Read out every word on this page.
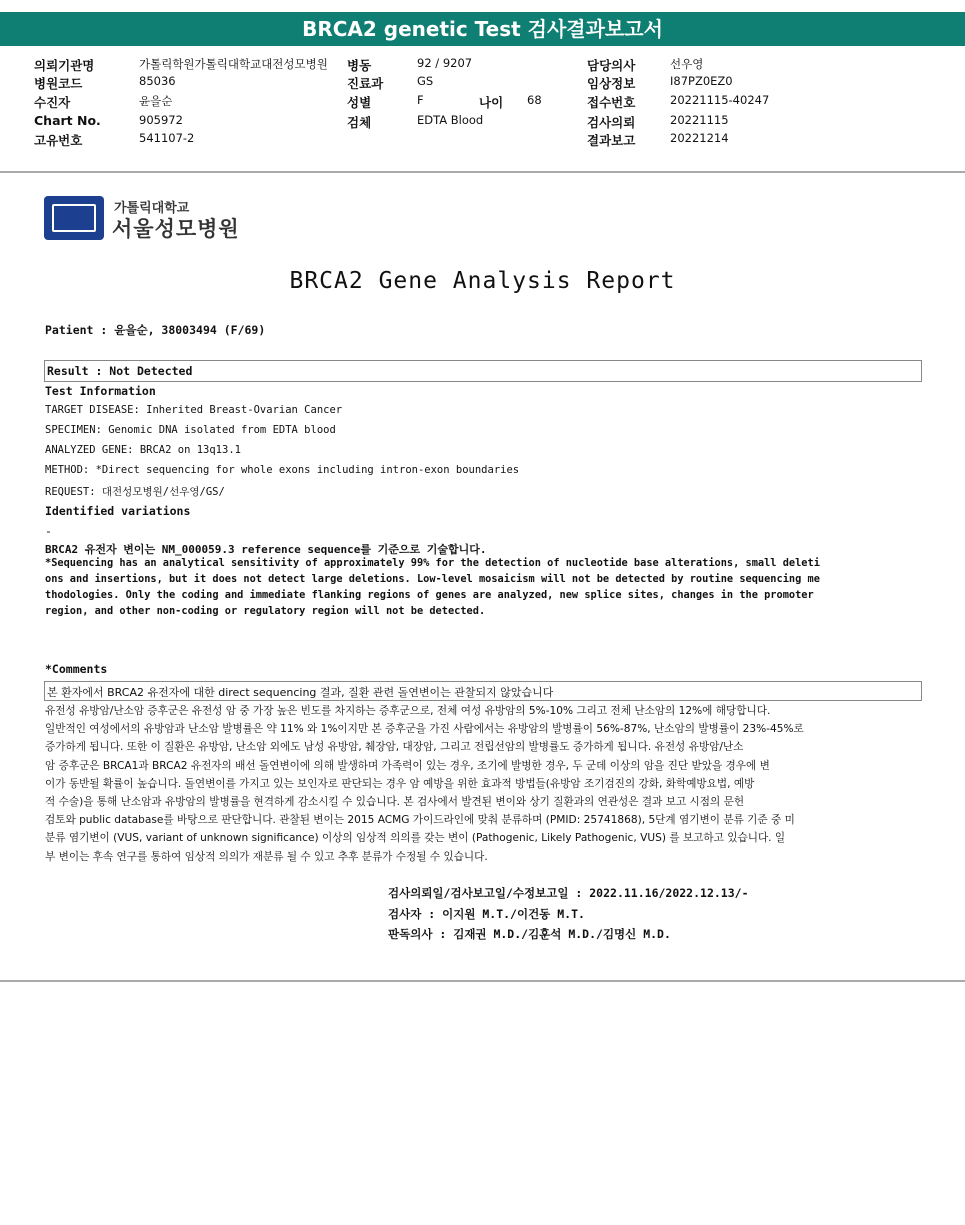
BRCA2 genetic Test 검사결과보고서
의뢰기관명	가톨릭학원가톨릭대학교대전성모병원 병동	92 / 9207	담당의사	선우영
병원코드	85036	진료과	GS	임상정보	I87PZ0EZ0
수진자	윤을순	성별	F	나이 68	접수번호	20221115-40247
Chart No.	905972	검체	EDTA Blood	검사의뢰	20221115
고유번호	541107-2	결과보고	20221214
가톨릭대학교
서울성모병원
BRCA2 Gene Analysis Report
Patient : 윤을순, 38003494 (F/69)
Result : Not Detected
Test Information
TARGET DISEASE: Inherited Breast-Ovarian Cancer
SPECIMEN: Genomic DNA isolated from EDTA blood
ANALYZED GENE: BRCA2 on 13q13.1
METHOD: *Direct sequencing for whole exons including intron-exon boundaries
REQUEST: 대전성모병원/선우영/GS/
Identified variations
-
BRCA2 유전자 변이는 NM_000059.3 reference sequence를 기준으로 기술합니다.
*Sequencing has an analytical sensitivity of approximately 99% for the detection of nucleotide base alterations, small deleti
ons and insertions, but it does not detect large deletions. Low-level mosaicism will not be detected by routine sequencing me
thodologies. Only the coding and immediate flanking regions of genes are analyzed, new splice sites, changes in the promoter
region, and other non-coding or regulatory region will not be detected.
*Comments
본 환자에서 BRCA2 유전자에 대한 direct sequencing 결과, 질환 관련 돌연변이는 관찰되지 않았습니다
유전성 유방암/난소암 증후군은 유전성 암 중 가장 높은 빈도를 차지하는 증후군으로, 전체 여성 유방암의 5%-10% 그리고 전체 난소암의 12%에 해당합니다.
일반적인 여성에서의 유방암과 난소암 발병률은 약 11% 와 1%이지만 본 증후군을 가진 사람에서는 유방암의 발병률이 56%-87%, 난소암의 발병률이 23%-45%로
증가하게 됩니다. 또한 이 질환은 유방암, 난소암 외에도 남성 유방암, 췌장암, 대장암, 그리고 전립선암의 발병률도 증가하게 됩니다. 유전성 유방암/난소
암 증후군은 BRCA1과 BRCA2 유전자의 배선 돌연변이에 의해 발생하며 가족력이 있는 경우, 조기에 발병한 경우, 두 군데 이상의 암을 진단 받았을 경우에 변
이가 동반될 확률이 높습니다. 돌연변이를 가지고 있는 보인자로 판단되는 경우 암 예방을 위한 효과적 방법들(유방암 조기검진의 강화, 화학예방요법, 예방
적 수술)을 통해 난소암과 유방암의 발병률을 현격하게 감소시킬 수 있습니다. 본 검사에서 발견된 변이와 상기 질환과의 연관성은 결과 보고 시점의 문헌
검토와 public database를 바탕으로 판단합니다. 관찰된 변이는 2015 ACMG 가이드라인에 맞춰 분류하며 (PMID: 25741868), 5단계 염기변이 분류 기준 중 미
분류 염기변이 (VUS, variant of unknown significance) 이상의 임상적 의의를 갖는 변이 (Pathogenic, Likely Pathogenic, VUS) 를 보고하고 있습니다. 일
부 변이는 후속 연구를 통하여 임상적 의의가 재분류 될 수 있고 추후 분류가 수정될 수 있습니다.
검사의뢰일/검사보고일/수정보고일 : 2022.11.16/2022.12.13/-
검사자 : 이지원 M.T./이건동 M.T.
판독의사 : 김재권 M.D./김훈석 M.D./김명신 M.D.
